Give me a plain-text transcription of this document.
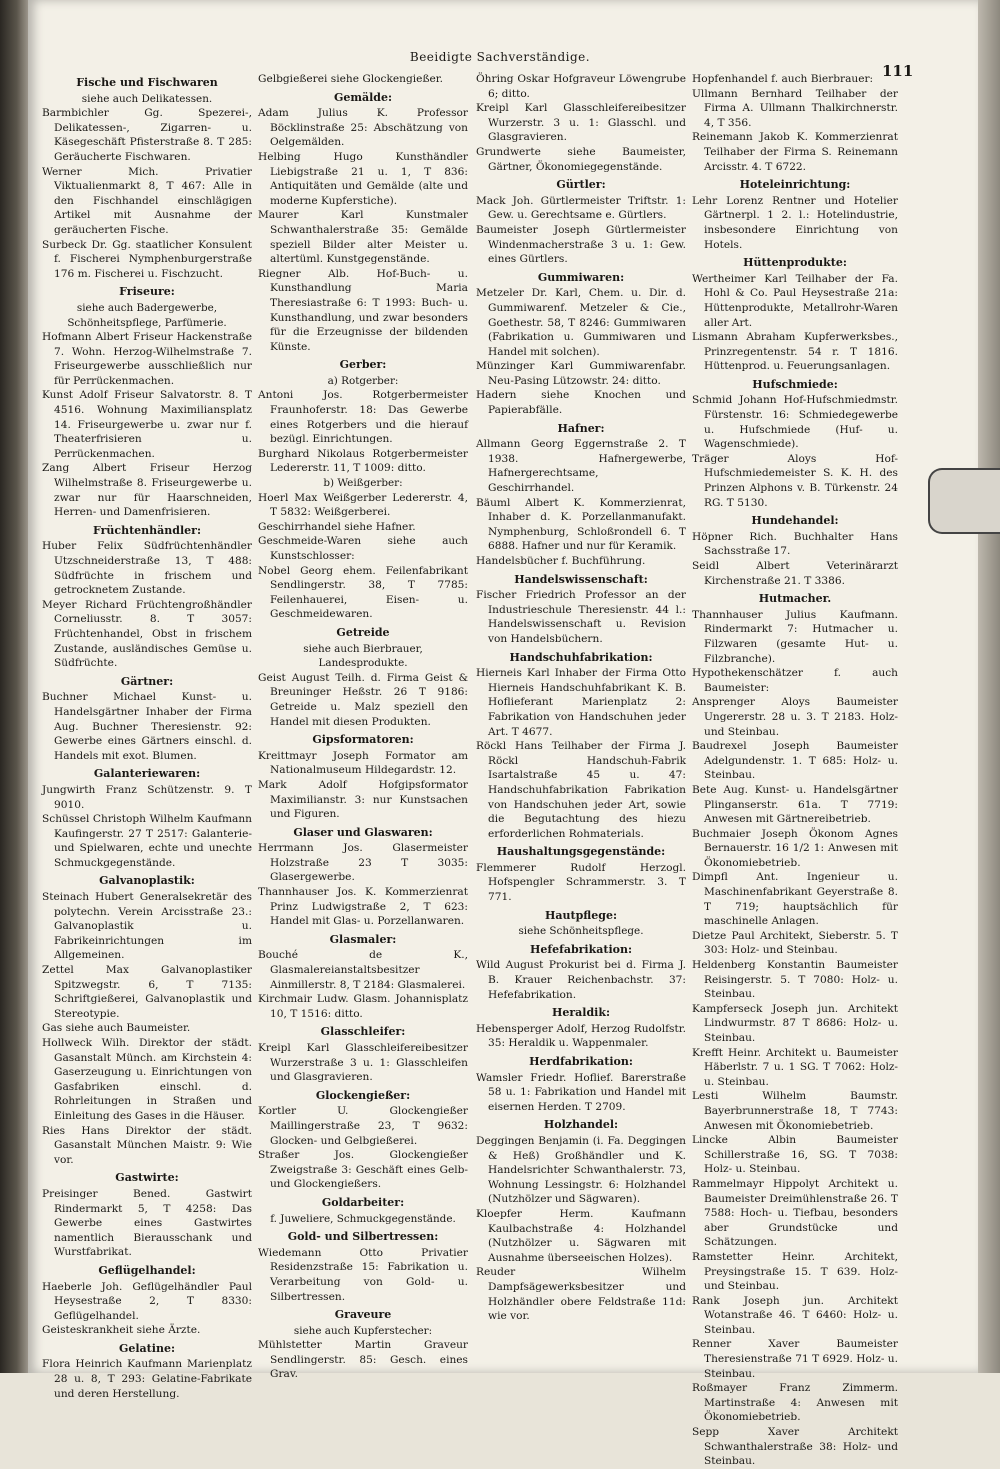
Beeidigte Sachverständige.
111

Fische und Fischwaren

siehe auch Delikatessen.

Barmbichler Gg. Spezerei-, Delikatessen-, Zigarren- u. Käsegeschäft Pfisterstraße 8. T 285: Geräucherte Fischwaren.

Werner Mich. Privatier Viktualienmarkt 8, T 467: Alle in den Fischhandel einschlägigen Artikel mit Ausnahme der geräucherten Fische.

Surbeck Dr. Gg. staatlicher Konsulent f. Fischerei Nymphenburgerstraße 176 m. Fischerei u. Fischzucht.

Friseure:

siehe auch Badergewerbe, Schönheitspflege, Parfümerie.

Hofmann Albert Friseur Hackenstraße 7. Wohn. Herzog-Wilhelmstraße 7. Friseurgewerbe ausschließlich nur für Perrückenmachen.

Kunst Adolf Friseur Salvatorstr. 8. T 4516. Wohnung Maximiliansplatz 14. Friseurgewerbe u. zwar nur f. Theaterfrisieren u. Perrückenmachen.

Zang Albert Friseur Herzog Wilhelmstraße 8. Friseurgewerbe u. zwar nur für Haarschneiden, Herren- und Damenfrisieren.

Früchtenhändler:

Huber Felix Südfrüchtenhändler Utzschneiderstraße 13, T 488: Südfrüchte in frischem und getrocknetem Zustande.

Meyer Richard Früchtengroßhändler Corneliusstr. 8. T 3057: Früchtenhandel, Obst in frischem Zustande, ausländisches Gemüse u. Südfrüchte.

Gärtner:

Buchner Michael Kunst- u. Handelsgärtner Inhaber der Firma Aug. Buchner Theresienstr. 92: Gewerbe eines Gärtners einschl. d. Handels mit exot. Blumen.

Galanteriewaren:

Jungwirth Franz Schützenstr. 9. T 9010.

Schüssel Christoph Wilhelm Kaufmann Kaufingerstr. 27 T 2517: Galanterie- und Spielwaren, echte und unechte Schmuckgegenstände.

Galvanoplastik:

Steinach Hubert Generalsekretär des polytechn. Verein Arcisstraße 23.: Galvanoplastik u. Fabrikeinrichtungen im Allgemeinen.

Zettel Max Galvanoplastiker Spitzwegstr. 6, T 7135: Schriftgießerei, Galvanoplastik und Stereotypie.

Gas siehe auch Baumeister.

Hollweck Wilh. Direktor der städt. Gasanstalt Münch. am Kirchstein 4: Gaserzeugung u. Einrichtungen von Gasfabriken einschl. d. Rohrleitungen in Straßen und Einleitung des Gases in die Häuser.

Ries Hans Direktor der städt. Gasanstalt München Maistr. 9: Wie vor.

Gastwirte:

Preisinger Bened. Gastwirt Rindermarkt 5, T 4258: Das Gewerbe eines Gastwirtes namentlich Bierausschank und Wurstfabrikat.

Geflügelhandel:

Haeberle Joh. Geflügelhändler Paul Heysestraße 2, T 8330: Geflügelhandel.

Geisteskrankheit siehe Ärzte.

Gelatine:

Flora Heinrich Kaufmann Marienplatz 28 u. 8, T 293: Gelatine-Fabrikate und deren Herstellung.

Gelbgießerei siehe Glockengießer.

Gemälde:

Adam Julius K. Professor Böcklinstraße 25: Abschätzung von Oelgemälden.

Helbing Hugo Kunsthändler Liebigstraße 21 u. 1, T 836: Antiquitäten und Gemälde (alte und moderne Kupferstiche).

Maurer Karl Kunstmaler Schwanthalerstraße 35: Gemälde speziell Bilder alter Meister u. altertüml. Kunstgegenstände.

Riegner Alb. Hof-Buch- u. Kunsthandlung Maria Theresiastraße 6: T 1993: Buch- u. Kunsthandlung, und zwar besonders für die Erzeugnisse der bildenden Künste.

Gerber:

a) Rotgerber:

Antoni Jos. Rotgerbermeister Fraunhoferstr. 18: Das Gewerbe eines Rotgerbers und die hierauf bezügl. Einrichtungen.

Burghard Nikolaus Rotgerbermeister Ledererstr. 11, T 1009: ditto.

b) Weißgerber:

Hoerl Max Weißgerber Ledererstr. 4, T 5832: Weißgerberei.

Geschirrhandel siehe Hafner.

Geschmeide-Waren siehe auch Kunstschlosser:

Nobel Georg ehem. Feilenfabrikant Sendlingerstr. 38, T 7785: Feilenhauerei, Eisen- u. Geschmeidewaren.

Getreide

siehe auch Bierbrauer, Landesprodukte.

Geist August Teilh. d. Firma Geist & Breuninger Heßstr. 26 T 9186: Getreide u. Malz speziell den Handel mit diesen Produkten.

Gipsformatoren:

Kreittmayr Joseph Formator am Nationalmuseum Hildegardstr. 12.

Mark Adolf Hofgipsformator Maximilianstr. 3: nur Kunstsachen und Figuren.

Glaser und Glaswaren:

Herrmann Jos. Glasermeister Holzstraße 23 T 3035: Glasergewerbe.

Thannhauser Jos. K. Kommerzienrat Prinz Ludwigstraße 2, T 623: Handel mit Glas- u. Porzellanwaren.

Glasmaler:

Bouché de K., Glasmalereianstaltsbesitzer Ainmillerstr. 8, T 2184: Glasmalerei.

Kirchmair Ludw. Glasm. Johannisplatz 10, T 1516: ditto.

Glasschleifer:

Kreipl Karl Glasschleifereibesitzer Wurzerstraße 3 u. 1: Glasschleifen und Glasgravieren.

Glockengießer:

Kortler U. Glockengießer Maillingerstraße 23, T 9632: Glocken- und Gelbgießerei.

Straßer Jos. Glockengießer Zweigstraße 3: Geschäft eines Gelb- und Glockengießers.

Goldarbeiter:

f. Juweliere, Schmuckgegenstände.

Gold- und Silbertressen:

Wiedemann Otto Privatier Residenzstraße 15: Fabrikation u. Verarbeitung von Gold- u. Silbertressen.

Graveure

siehe auch Kupferstecher:

Mühlstetter Martin Graveur Sendlingerstr. 85: Gesch. eines Grav.

Öhring Oskar Hofgraveur Löwengrube 6; ditto.

Kreipl Karl Glasschleifereibesitzer Wurzerstr. 3 u. 1: Glasschl. und Glasgravieren.

Grundwerte siehe Baumeister, Gärtner, Ökonomiegegenstände.

Gürtler:

Mack Joh. Gürtlermeister Triftstr. 1: Gew. u. Gerechtsame e. Gürtlers.

Baumeister Joseph Gürtlermeister Windenmacherstraße 3 u. 1: Gew. eines Gürtlers.

Gummiwaren:

Metzeler Dr. Karl, Chem. u. Dir. d. Gummiwarenf. Metzeler & Cie., Goethestr. 58, T 8246: Gummiwaren (Fabrikation u. Gummiwaren und Handel mit solchen).

Münzinger Karl Gummiwarenfabr. Neu-Pasing Lützowstr. 24: ditto.

Hadern siehe Knochen und Papierabfälle.

Hafner:

Allmann Georg Eggernstraße 2. T 1938. Hafnergewerbe, Hafnergerechtsame, Geschirrhandel.

Bäuml Albert K. Kommerzienrat, Inhaber d. K. Porzellanmanufakt. Nymphenburg, Schloßrondell 6. T 6888. Hafner und nur für Keramik.

Handelsbücher f. Buchführung.

Handelswissenschaft:

Fischer Friedrich Professor an der Industrieschule Theresienstr. 44 l.: Handelswissenschaft u. Revision von Handelsbüchern.

Handschuhfabrikation:

Hierneis Karl Inhaber der Firma Otto Hierneis Handschuhfabrikant K. B. Hoflieferant Marienplatz 2: Fabrikation von Handschuhen jeder Art. T 4677.

Röckl Hans Teilhaber der Firma J. Röckl Handschuh-Fabrik Isartalstraße 45 u. 47: Handschuhfabrikation Fabrikation von Handschuhen jeder Art, sowie die Begutachtung des hiezu erforderlichen Rohmaterials.

Haushaltungsgegenstände:

Flemmerer Rudolf Herzogl. Hofspengler Schrammerstr. 3. T 771.

Hautpflege:

siehe Schönheitspflege.

Hefefabrikation:

Wild August Prokurist bei d. Firma J. B. Krauer Reichenbachstr. 37: Hefefabrikation.

Heraldik:

Hebensperger Adolf, Herzog Rudolfstr. 35: Heraldik u. Wappenmaler.

Herdfabrikation:

Wamsler Friedr. Hoflief. Barerstraße 58 u. 1: Fabrikation und Handel mit eisernen Herden. T 2709.

Holzhandel:

Deggingen Benjamin (i. Fa. Deggingen & Heß) Großhändler und K. Handelsrichter Schwanthalerstr. 73, Wohnung Lessingstr. 6: Holzhandel (Nutzhölzer und Sägwaren).

Kloepfer Herm. Kaufmann Kaulbachstraße 4: Holzhandel (Nutzhölzer u. Sägwaren mit Ausnahme überseeischen Holzes).

Reuder Wilhelm Dampfsägewerksbesitzer und Holzhändler obere Feldstraße 11d: wie vor.

Hopfenhandel f. auch Bierbrauer:

Ullmann Bernhard Teilhaber der Firma A. Ullmann Thalkirchnerstr. 4, T 356.

Reinemann Jakob K. Kommerzienrat Teilhaber der Firma S. Reinemann Arcisstr. 4. T 6722.

Hoteleinrichtung:

Lehr Lorenz Rentner und Hotelier Gärtnerpl. 1 2. l.: Hotelindustrie, insbesondere Einrichtung von Hotels.

Hüttenprodukte:

Wertheimer Karl Teilhaber der Fa. Hohl & Co. Paul Heysestraße 21a: Hüttenprodukte, Metallrohr-Waren aller Art.

Lismann Abraham Kupferwerksbes., Prinzregentenstr. 54 r. T 1816. Hüttenprod. u. Feuerungsanlagen.

Hufschmiede:

Schmid Johann Hof-Hufschmiedmstr. Fürstenstr. 16: Schmiedegewerbe u. Hufschmiede (Huf- u. Wagenschmiede).

Träger Aloys Hof-Hufschmiedemeister S. K. H. des Prinzen Alphons v. B. Türkenstr. 24 RG. T 5130.

Hundehandel:

Höpner Rich. Buchhalter Hans Sachsstraße 17.

Seidl Albert Veterinärarzt Kirchenstraße 21. T 3386.

Hutmacher.

Thannhauser Julius Kaufmann. Rindermarkt 7: Hutmacher u. Filzwaren (gesamte Hut- u. Filzbranche).

Hypothekenschätzer f. auch Baumeister:

Ansprenger Aloys Baumeister Ungererstr. 28 u. 3. T 2183. Holz- und Steinbau.

Baudrexel Joseph Baumeister Adelgundenstr. 1. T 685: Holz- u. Steinbau.

Bete Aug. Kunst- u. Handelsgärtner Plinganserstr. 61a. T 7719: Anwesen mit Gärtnereibetrieb.

Buchmaier Joseph Ökonom Agnes Bernauerstr. 16 1/2 1: Anwesen mit Ökonomiebetrieb.

Dimpfl Ant. Ingenieur u. Maschinenfabrikant Geyerstraße 8. T 719; hauptsächlich für maschinelle Anlagen.

Dietze Paul Architekt, Sieberstr. 5. T 303: Holz- und Steinbau.

Heldenberg Konstantin Baumeister Reisingerstr. 5. T 7080: Holz- u. Steinbau.

Kampferseck Joseph jun. Architekt Lindwurmstr. 87 T 8686: Holz- u. Steinbau.

Krefft Heinr. Architekt u. Baumeister Häberlstr. 7 u. 1 SG. T 7062: Holz- u. Steinbau.

Lesti Wilhelm Baumstr. Bayerbrunnerstraße 18, T 7743: Anwesen mit Ökonomiebetrieb.

Lincke Albin Baumeister Schillerstraße 16, SG. T 7038: Holz- u. Steinbau.

Rammelmayr Hippolyt Architekt u. Baumeister Dreimühlenstraße 26. T 7588: Hoch- u. Tiefbau, besonders aber Grundstücke und Schätzungen.

Ramstetter Heinr. Architekt, Preysingstraße 15. T 639. Holz- und Steinbau.

Rank Joseph jun. Architekt Wotanstraße 46. T 6460: Holz- u. Steinbau.

Renner Xaver Baumeister Theresienstraße 71 T 6929. Holz- u. Steinbau.

Roßmayer Franz Zimmerm. Martinstraße 4: Anwesen mit Ökonomiebetrieb.

Sepp Xaver Architekt Schwanthalerstraße 38: Holz- und Steinbau.
